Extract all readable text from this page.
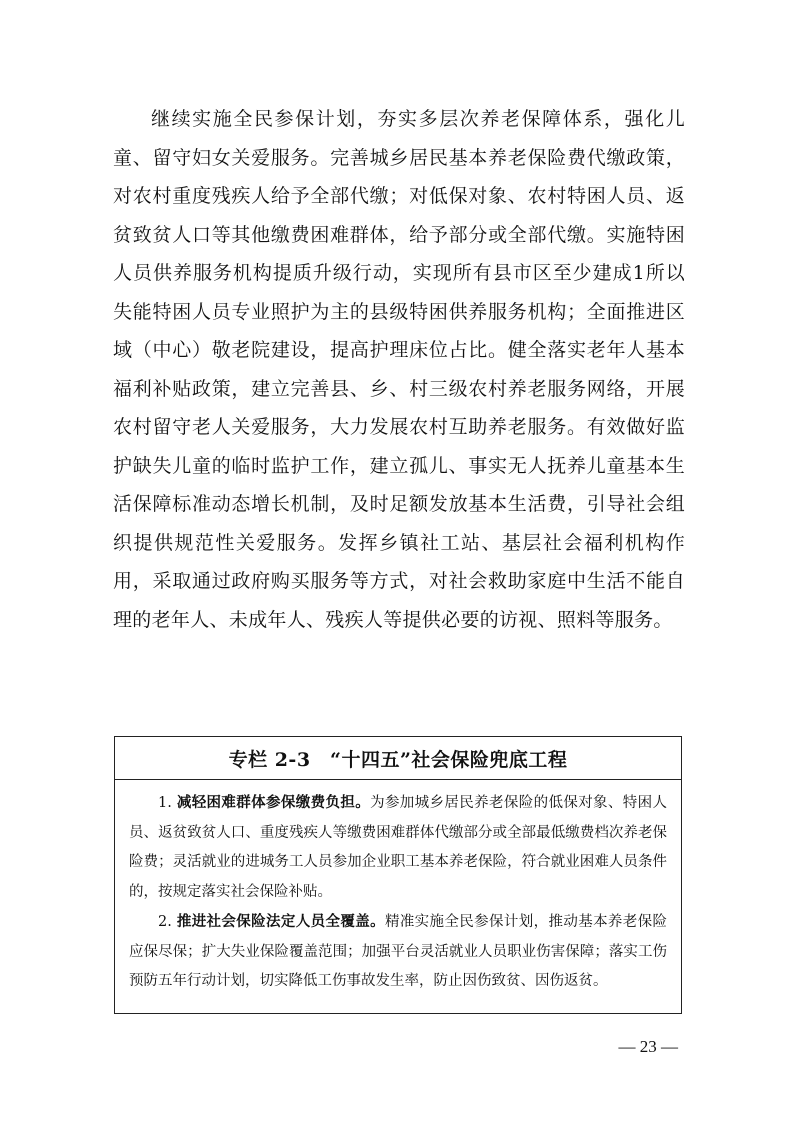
继续实施全民参保计划，夯实多层次养老保障体系，强化儿童、留守妇女关爱服务。完善城乡居民基本养老保险费代缴政策，对农村重度残疾人给予全部代缴；对低保对象、农村特困人员、返贫致贫人口等其他缴费困难群体，给予部分或全部代缴。实施特困人员供养服务机构提质升级行动，实现所有县市区至少建成1所以失能特困人员专业照护为主的县级特困供养服务机构；全面推进区域（中心）敬老院建设，提高护理床位占比。健全落实老年人基本福利补贴政策，建立完善县、乡、村三级农村养老服务网络，开展农村留守老人关爱服务，大力发展农村互助养老服务。有效做好监护缺失儿童的临时监护工作，建立孤儿、事实无人抚养儿童基本生活保障标准动态增长机制，及时足额发放基本生活费，引导社会组织提供规范性关爱服务。发挥乡镇社工站、基层社会福利机构作用，采取通过政府购买服务等方式，对社会救助家庭中生活不能自理的老年人、未成年人、残疾人等提供必要的访视、照料等服务。

专栏 2-3　“十四五”社会保险兜底工程

1. 减轻困难群体参保缴费负担。为参加城乡居民养老保险的低保对象、特困人员、返贫致贫人口、重度残疾人等缴费困难群体代缴部分或全部最低缴费档次养老保险费；灵活就业的进城务工人员参加企业职工基本养老保险，符合就业困难人员条件的，按规定落实社会保险补贴。

2. 推进社会保险法定人员全覆盖。精准实施全民参保计划，推动基本养老保险应保尽保；扩大失业保险覆盖范围；加强平台灵活就业人员职业伤害保障；落实工伤预防五年行动计划，切实降低工伤事故发生率，防止因伤致贫、因伤返贫。

— 23 —
